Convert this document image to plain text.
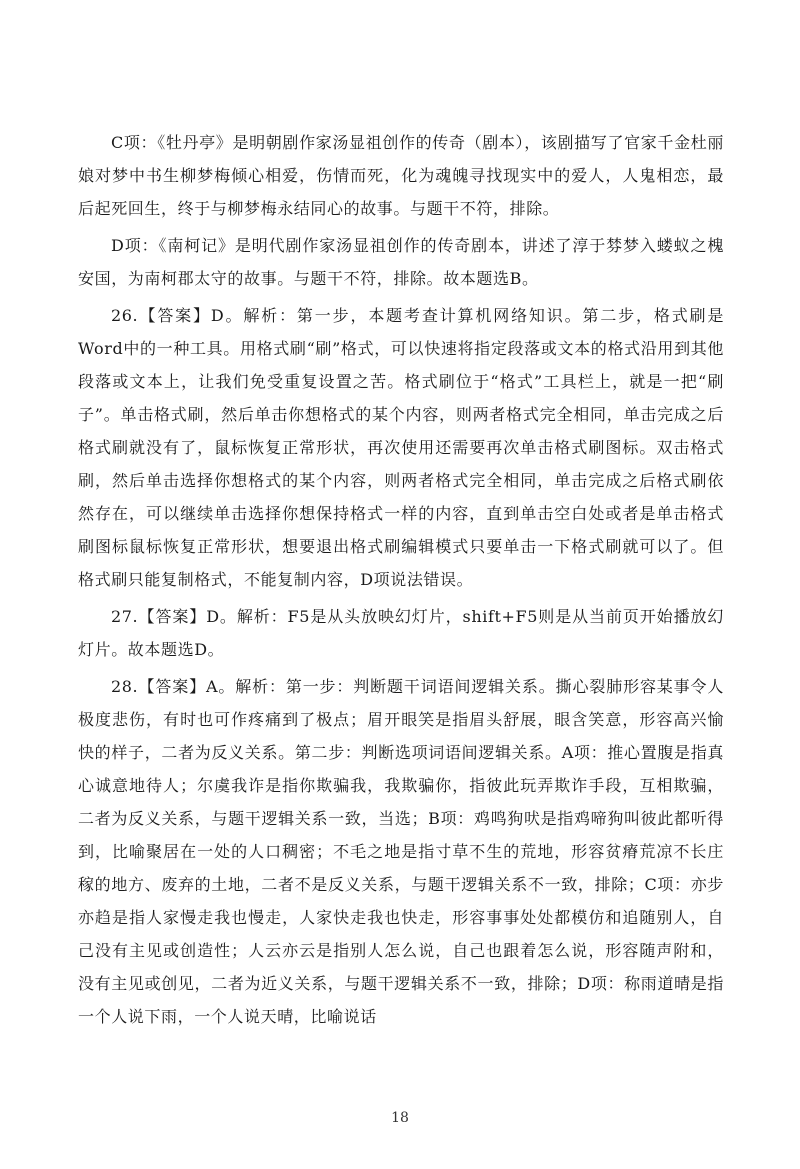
C项：《牡丹亭》是明朝剧作家汤显祖创作的传奇（剧本），该剧描写了官家千金杜丽娘对梦中书生柳梦梅倾心相爱，伤情而死，化为魂魄寻找现实中的爱人，人鬼相恋，最后起死回生，终于与柳梦梅永结同心的故事。与题干不符，排除。

D项：《南柯记》是明代剧作家汤显祖创作的传奇剧本，讲述了淳于棼梦入蝼蚁之槐安国，为南柯郡太守的故事。与题干不符，排除。故本题选B。

26.【答案】D。解析：第一步，本题考查计算机网络知识。第二步，格式刷是Word中的一种工具。用格式刷“刷”格式，可以快速将指定段落或文本的格式沿用到其他段落或文本上，让我们免受重复设置之苦。格式刷位于“格式”工具栏上，就是一把“刷子”。单击格式刷，然后单击你想格式的某个内容，则两者格式完全相同，单击完成之后格式刷就没有了，鼠标恢复正常形状，再次使用还需要再次单击格式刷图标。双击格式刷，然后单击选择你想格式的某个内容，则两者格式完全相同，单击完成之后格式刷依然存在，可以继续单击选择你想保持格式一样的内容，直到单击空白处或者是单击格式刷图标鼠标恢复正常形状，想要退出格式刷编辑模式只要单击一下格式刷就可以了。但格式刷只能复制格式，不能复制内容，D项说法错误。

27.【答案】D。解析：F5是从头放映幻灯片，shift+F5则是从当前页开始播放幻灯片。故本题选D。

28.【答案】A。解析：第一步：判断题干词语间逻辑关系。撕心裂肺形容某事令人极度悲伤，有时也可作疼痛到了极点；眉开眼笑是指眉头舒展，眼含笑意，形容高兴愉快的样子，二者为反义关系。第二步：判断选项词语间逻辑关系。A项：推心置腹是指真心诚意地待人；尔虞我诈是指你欺骗我，我欺骗你，指彼此玩弄欺诈手段，互相欺骗，二者为反义关系，与题干逻辑关系一致，当选；B项：鸡鸣狗吠是指鸡啼狗叫彼此都听得到，比喻聚居在一处的人口稠密；不毛之地是指寸草不生的荒地，形容贫瘠荒凉不长庄稼的地方、废弃的土地，二者不是反义关系，与题干逻辑关系不一致，排除；C项：亦步亦趋是指人家慢走我也慢走，人家快走我也快走，形容事事处处都模仿和追随别人，自己没有主见或创造性；人云亦云是指别人怎么说，自己也跟着怎么说，形容随声附和，没有主见或创见，二者为近义关系，与题干逻辑关系不一致，排除；D项：称雨道晴是指一个人说下雨，一个人说天晴，比喻说话

18
